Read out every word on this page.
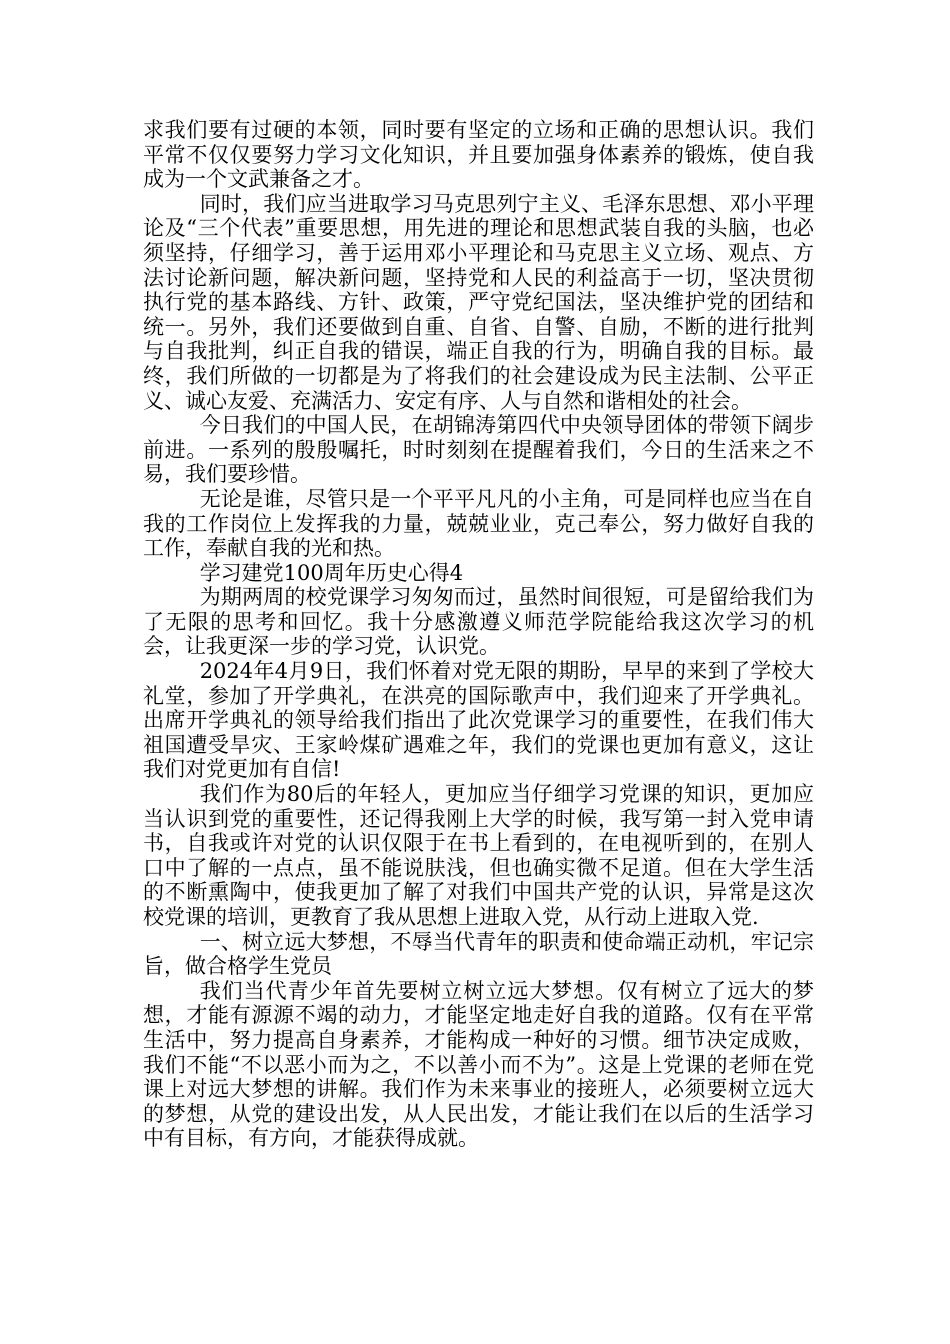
求我们要有过硬的本领，同时要有坚定的立场和正确的思想认识。我们平常不仅仅要努力学习文化知识，并且要加强身体素养的锻炼，使自我成为一个文武兼备之才。

同时，我们应当进取学习马克思列宁主义、毛泽东思想、邓小平理论及“三个代表”重要思想，用先进的理论和思想武装自我的头脑，也必须坚持，仔细学习，善于运用邓小平理论和马克思主义立场、观点、方法讨论新问题，解决新问题，坚持党和人民的利益高于一切，坚决贯彻执行党的基本路线、方针、政策，严守党纪国法，坚决维护党的团结和统一。另外，我们还要做到自重、自省、自警、自励，不断的进行批判与自我批判，纠正自我的错误，端正自我的行为，明确自我的目标。最终，我们所做的一切都是为了将我们的社会建设成为民主法制、公平正义、诚心友爱、充满活力、安定有序、人与自然和谐相处的社会。

今日我们的中国人民，在胡锦涛第四代中央领导团体的带领下阔步前进。一系列的殷殷嘱托，时时刻刻在提醒着我们，今日的生活来之不易，我们要珍惜。

无论是谁，尽管只是一个平平凡凡的小主角，可是同样也应当在自我的工作岗位上发挥我的力量，兢兢业业，克己奉公，努力做好自我的工作，奉献自我的光和热。

学习建党100周年历史心得4

为期两周的校党课学习匆匆而过，虽然时间很短，可是留给我们为了无限的思考和回忆。我十分感激遵义师范学院能给我这次学习的机会，让我更深一步的学习党，认识党。

2024年4月9日，我们怀着对党无限的期盼，早早的来到了学校大礼堂，参加了开学典礼，在洪亮的国际歌声中，我们迎来了开学典礼。出席开学典礼的领导给我们指出了此次党课学习的重要性，在我们伟大祖国遭受旱灾、王家岭煤矿遇难之年，我们的党课也更加有意义，这让我们对党更加有自信!

我们作为80后的年轻人，更加应当仔细学习党课的知识，更加应当认识到党的重要性，还记得我刚上大学的时候，我写第一封入党申请书，自我或许对党的认识仅限于在书上看到的，在电视听到的，在别人口中了解的一点点，虽不能说肤浅，但也确实微不足道。但在大学生活的不断熏陶中，使我更加了解了对我们中国共产党的认识，异常是这次校党课的培训，更教育了我从思想上进取入党，从行动上进取入党.

一、树立远大梦想，不辱当代青年的职责和使命端正动机，牢记宗旨，做合格学生党员

我们当代青少年首先要树立树立远大梦想。仅有树立了远大的梦想，才能有源源不竭的动力，才能坚定地走好自我的道路。仅有在平常生活中，努力提高自身素养，才能构成一种好的习惯。细节决定成败，我们不能“不以恶小而为之，不以善小而不为”。这是上党课的老师在党课上对远大梦想的讲解。我们作为未来事业的接班人，必须要树立远大的梦想，从党的建设出发，从人民出发，才能让我们在以后的生活学习中有目标，有方向，才能获得成就。
